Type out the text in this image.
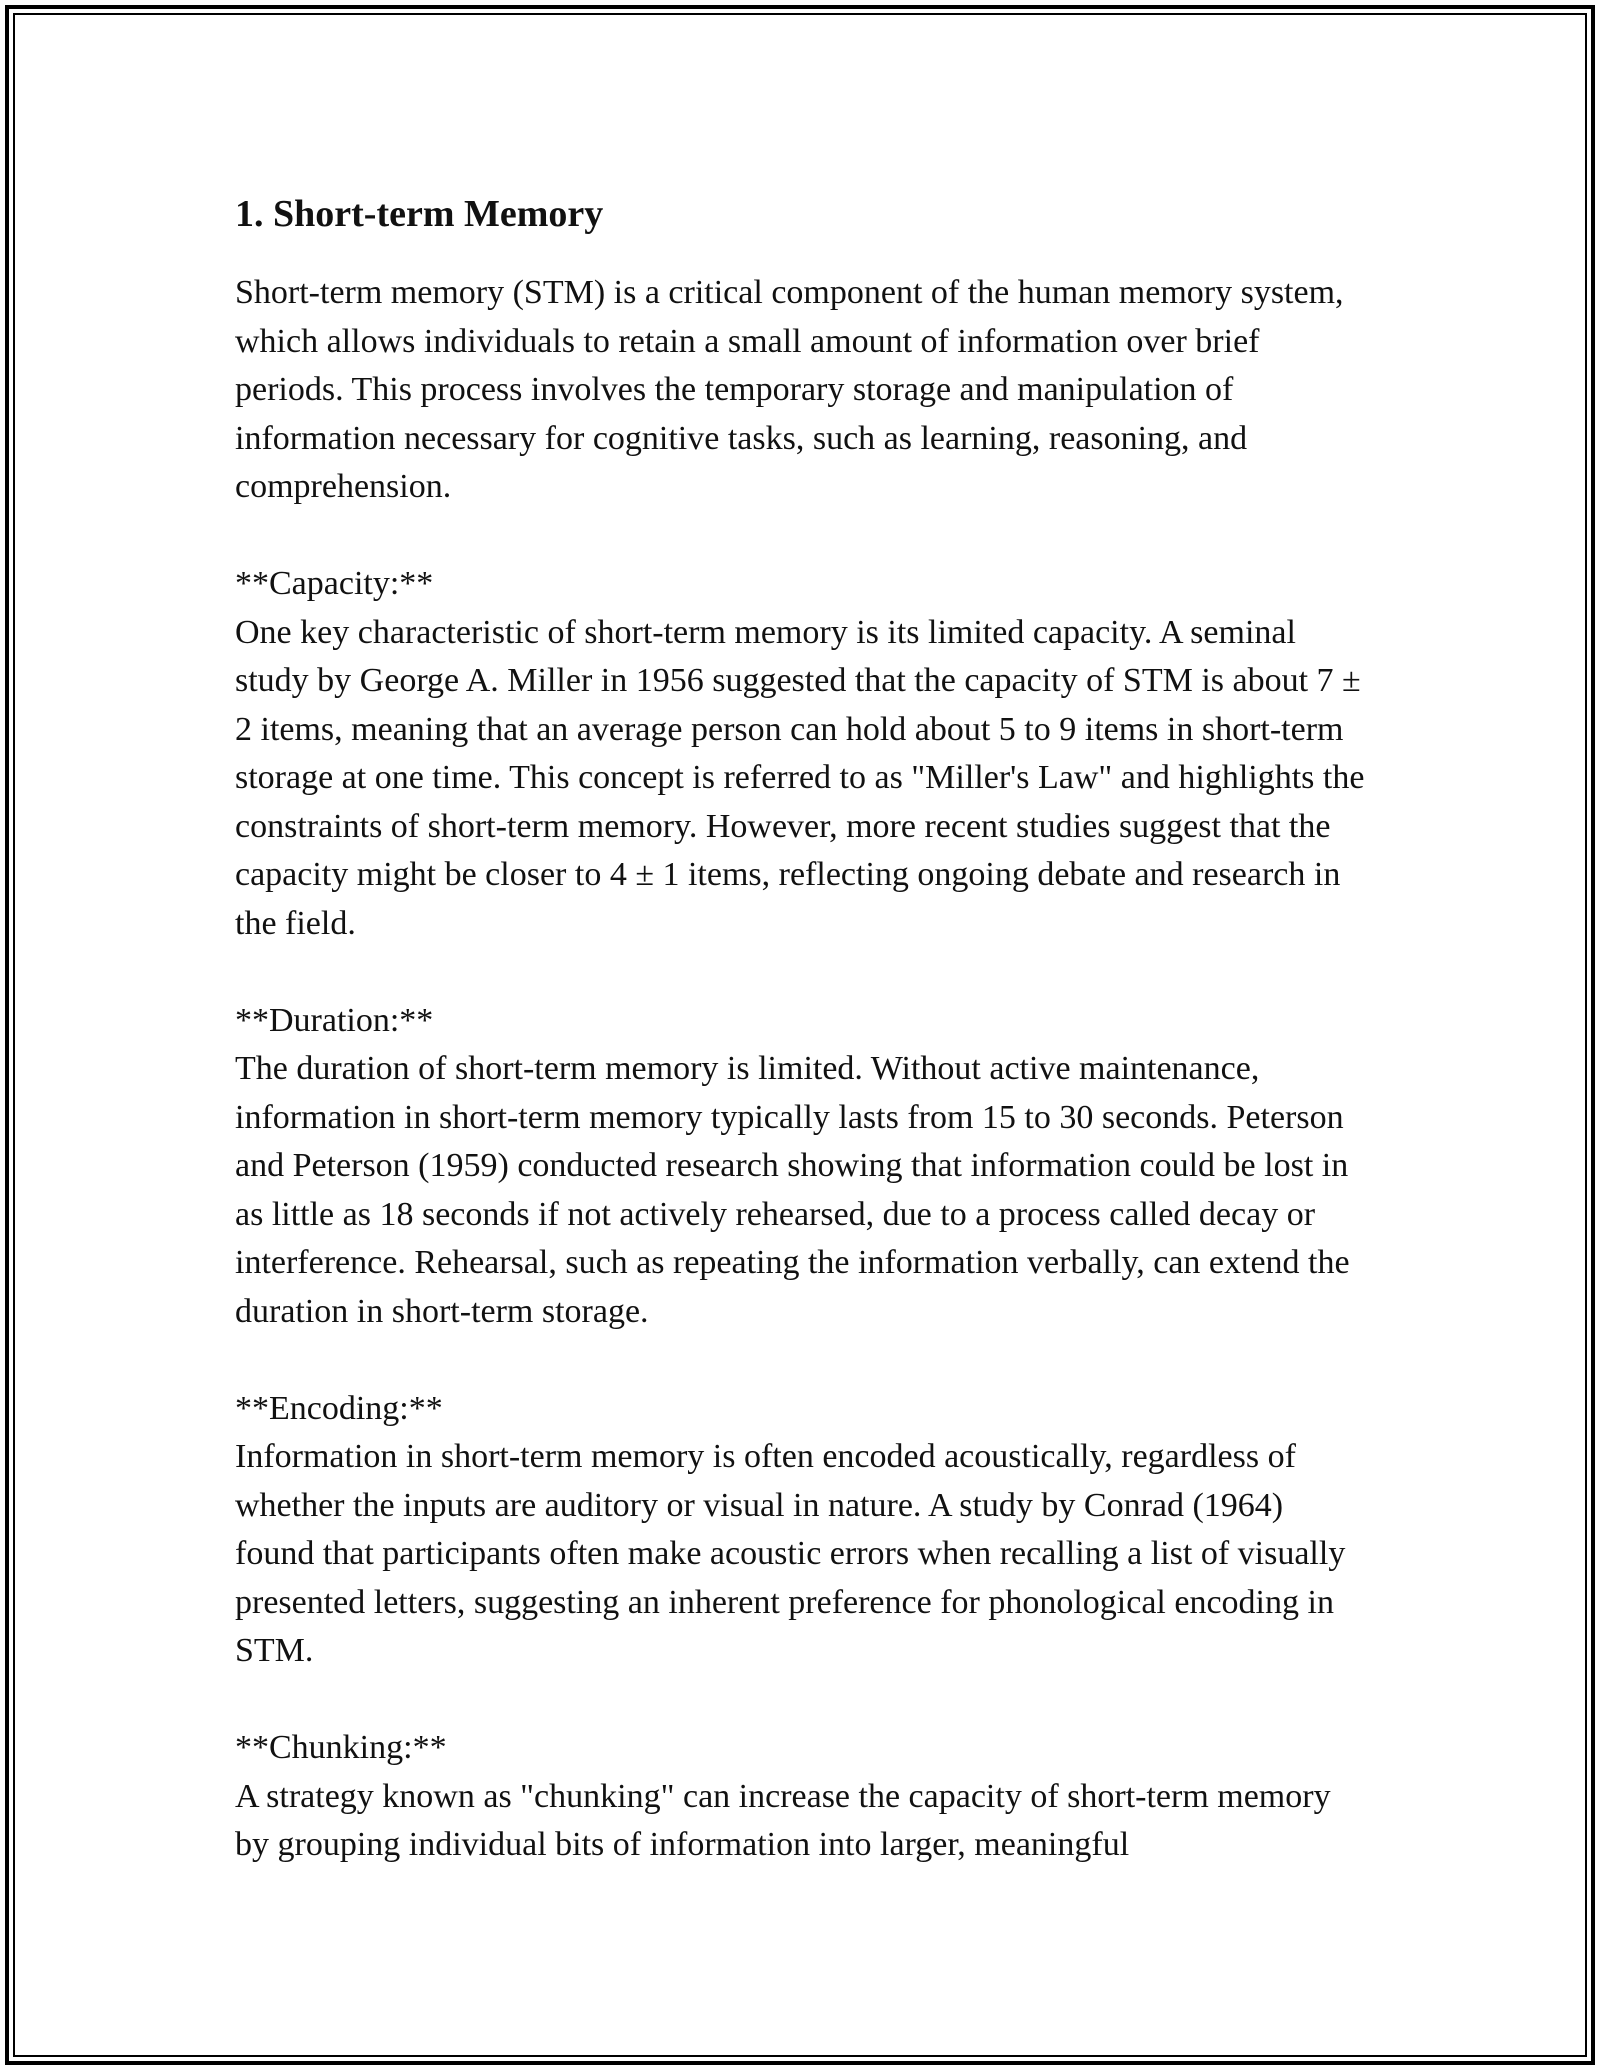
1. Short-term Memory

Short-term memory (STM) is a critical component of the human memory system, which allows individuals to retain a small amount of information over brief periods. This process involves the temporary storage and manipulation of information necessary for cognitive tasks, such as learning, reasoning, and comprehension.

**Capacity:**

One key characteristic of short-term memory is its limited capacity. A seminal study by George A. Miller in 1956 suggested that the capacity of STM is about 7 ± 2 items, meaning that an average person can hold about 5 to 9 items in short-term storage at one time. This concept is referred to as "Miller's Law" and highlights the constraints of short-term memory. However, more recent studies suggest that the capacity might be closer to 4 ± 1 items, reflecting ongoing debate and research in the field.

**Duration:**

The duration of short-term memory is limited. Without active maintenance, information in short-term memory typically lasts from 15 to 30 seconds. Peterson and Peterson (1959) conducted research showing that information could be lost in as little as 18 seconds if not actively rehearsed, due to a process called decay or interference. Rehearsal, such as repeating the information verbally, can extend the duration in short-term storage.

**Encoding:**

Information in short-term memory is often encoded acoustically, regardless of whether the inputs are auditory or visual in nature. A study by Conrad (1964) found that participants often make acoustic errors when recalling a list of visually presented letters, suggesting an inherent preference for phonological encoding in STM.

**Chunking:**

A strategy known as "chunking" can increase the capacity of short-term memory by grouping individual bits of information into larger, meaningful
